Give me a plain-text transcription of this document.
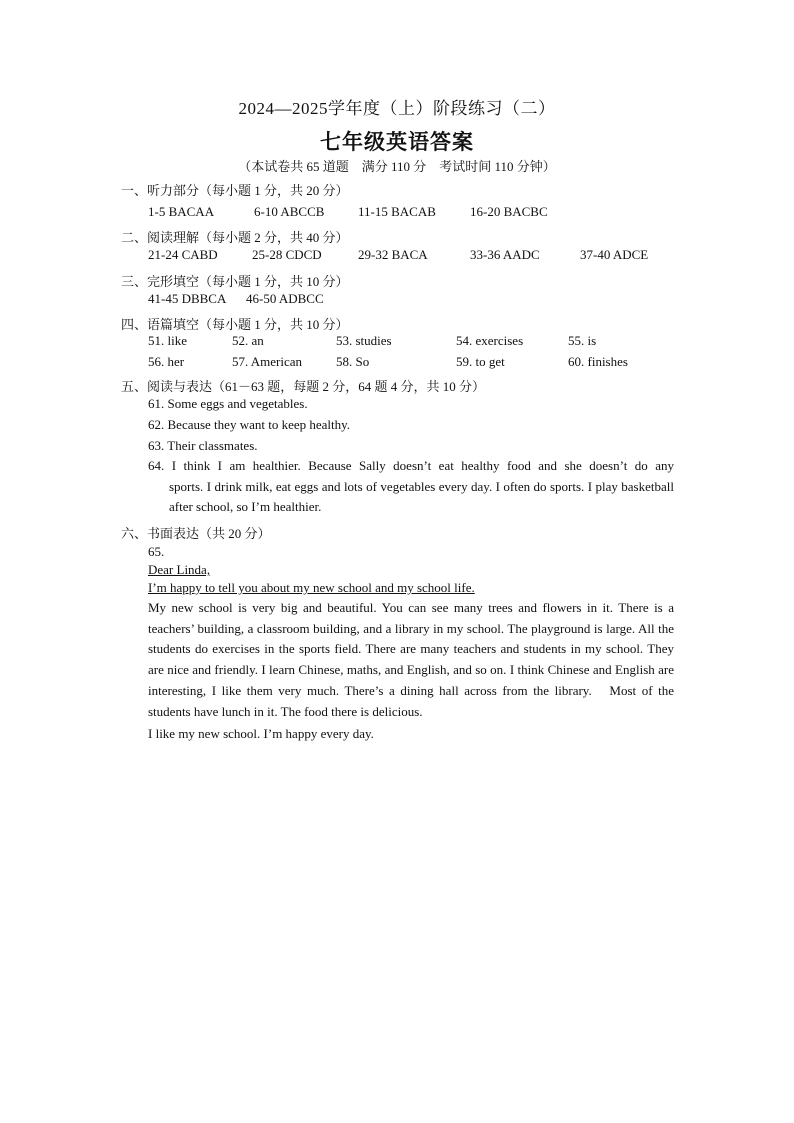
2024—2025学年度（上）阶段练习（二）
七年级英语答案
（本试卷共 65 道题　满分 110 分　考试时间 110 分钟）
一、听力部分（每小题 1 分，共 20 分）
1-5 BACAA	6-10 ABCCB	11-15 BACAB	16-20 BACBC
二、阅读理解（每小题 2 分，共 40 分）
21-24 CABD	25-28 CDCD	29-32 BACA	33-36 AADC	37-40 ADCE
三、完形填空（每小题 1 分，共 10 分）
41-45 DBBCA 46-50 ADBCC
四、语篇填空（每小题 1 分，共 10 分）
51. like	52. an	53. studies	54. exercises	55. is
56. her	57. American	58. So	59. to get	60. finishes
五、阅读与表达（61－63 题，每题 2 分，64 题 4 分，共 10 分）
61. Some eggs and vegetables.
62. Because they want to keep healthy.
63. Their classmates.
64. I think I am healthier. Because Sally doesn’t eat healthy food and she doesn’t do any
sports. I drink milk, eat eggs and lots of vegetables every day. I often do sports. I play basketball after school, so I’m healthier.
六、书面表达（共 20 分）
65.
Dear Linda,
I’m happy to tell you about my new school and my school life.
My new school is very big and beautiful. You can see many trees and flowers in it. There is a teachers’ building, a classroom building, and a library in my school. The playground is large. All the students do exercises in the sports field. There are many teachers and students in my school. They are nice and friendly. I learn Chinese, maths, and English, and so on. I think Chinese and English are interesting, I like them very much. There’s a dining hall across from the library.　Most of the students have lunch in it. The food there is delicious.
I like my new school. I’m happy every day.
